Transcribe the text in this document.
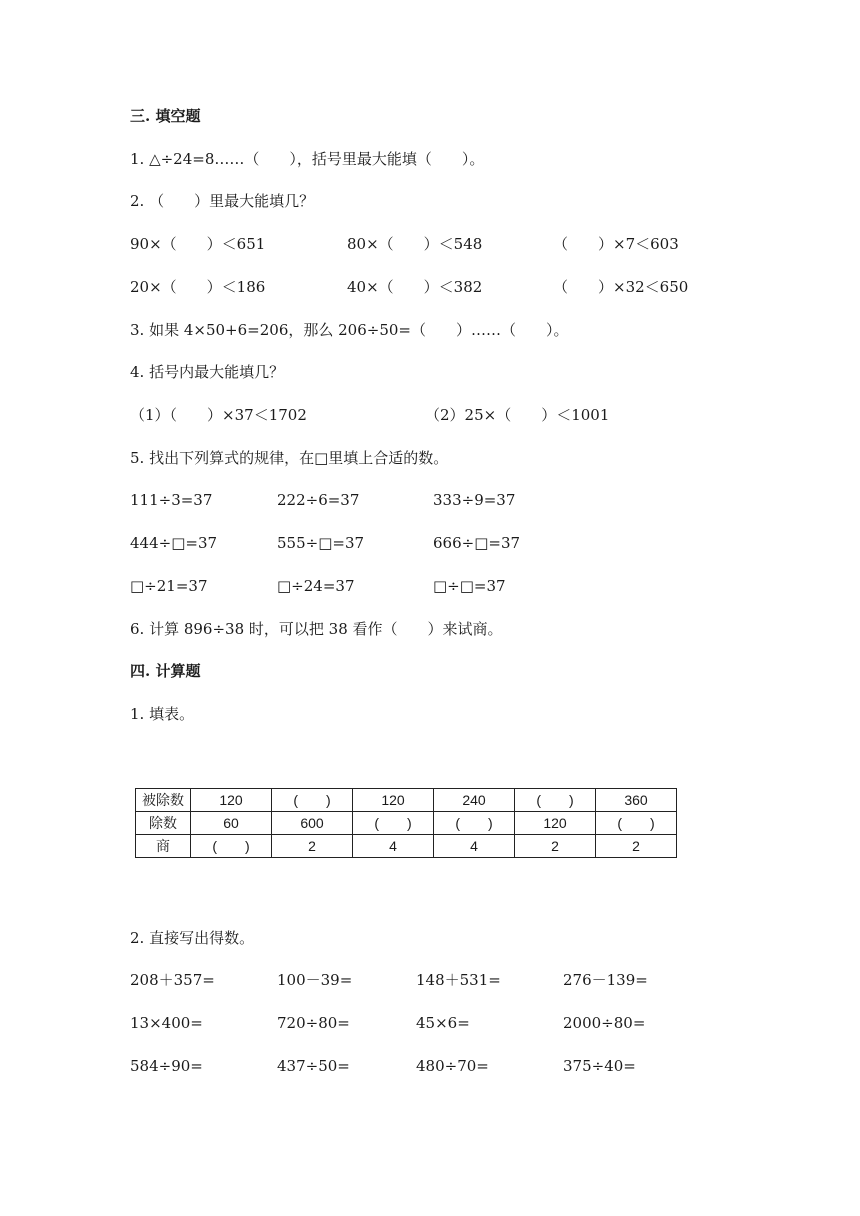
三. 填空题
1. △÷24=8……（　　），括号里最大能填（　　）。
2. （　　）里最大能填几？
90×（　　）＜651	80×（　　）＜548	（　　）×7＜603
20×（　　）＜186	40×（　　）＜382	（　　）×32＜650
3. 如果 4×50+6=206，那么 206÷50=（　　）……（　　）。
4. 括号内最大能填几？
（1）（　　）×37＜1702	（2）25×（　　）＜1001
5. 找出下列算式的规律，在□里填上合适的数。
111÷3=37	222÷6=37	333÷9=37
444÷□=37	555÷□=37	666÷□=37
□÷21=37	□÷24=37	□÷□=37
6. 计算 896÷38 时，可以把 38 看作（　　）来试商。
四. 计算题
1. 填表。
被除数	120	(　　)	120	240	(　　)	360
除数	60	600	(　　)	(　　)	120	(　　)
商	(　　)	2	4	4	2	2
2. 直接写出得数。
208＋357=	100－39=	148＋531=	276－139=
13×400=	720÷80=	45×6=	2000÷80=
584÷90=	437÷50=	480÷70=	375÷40=
